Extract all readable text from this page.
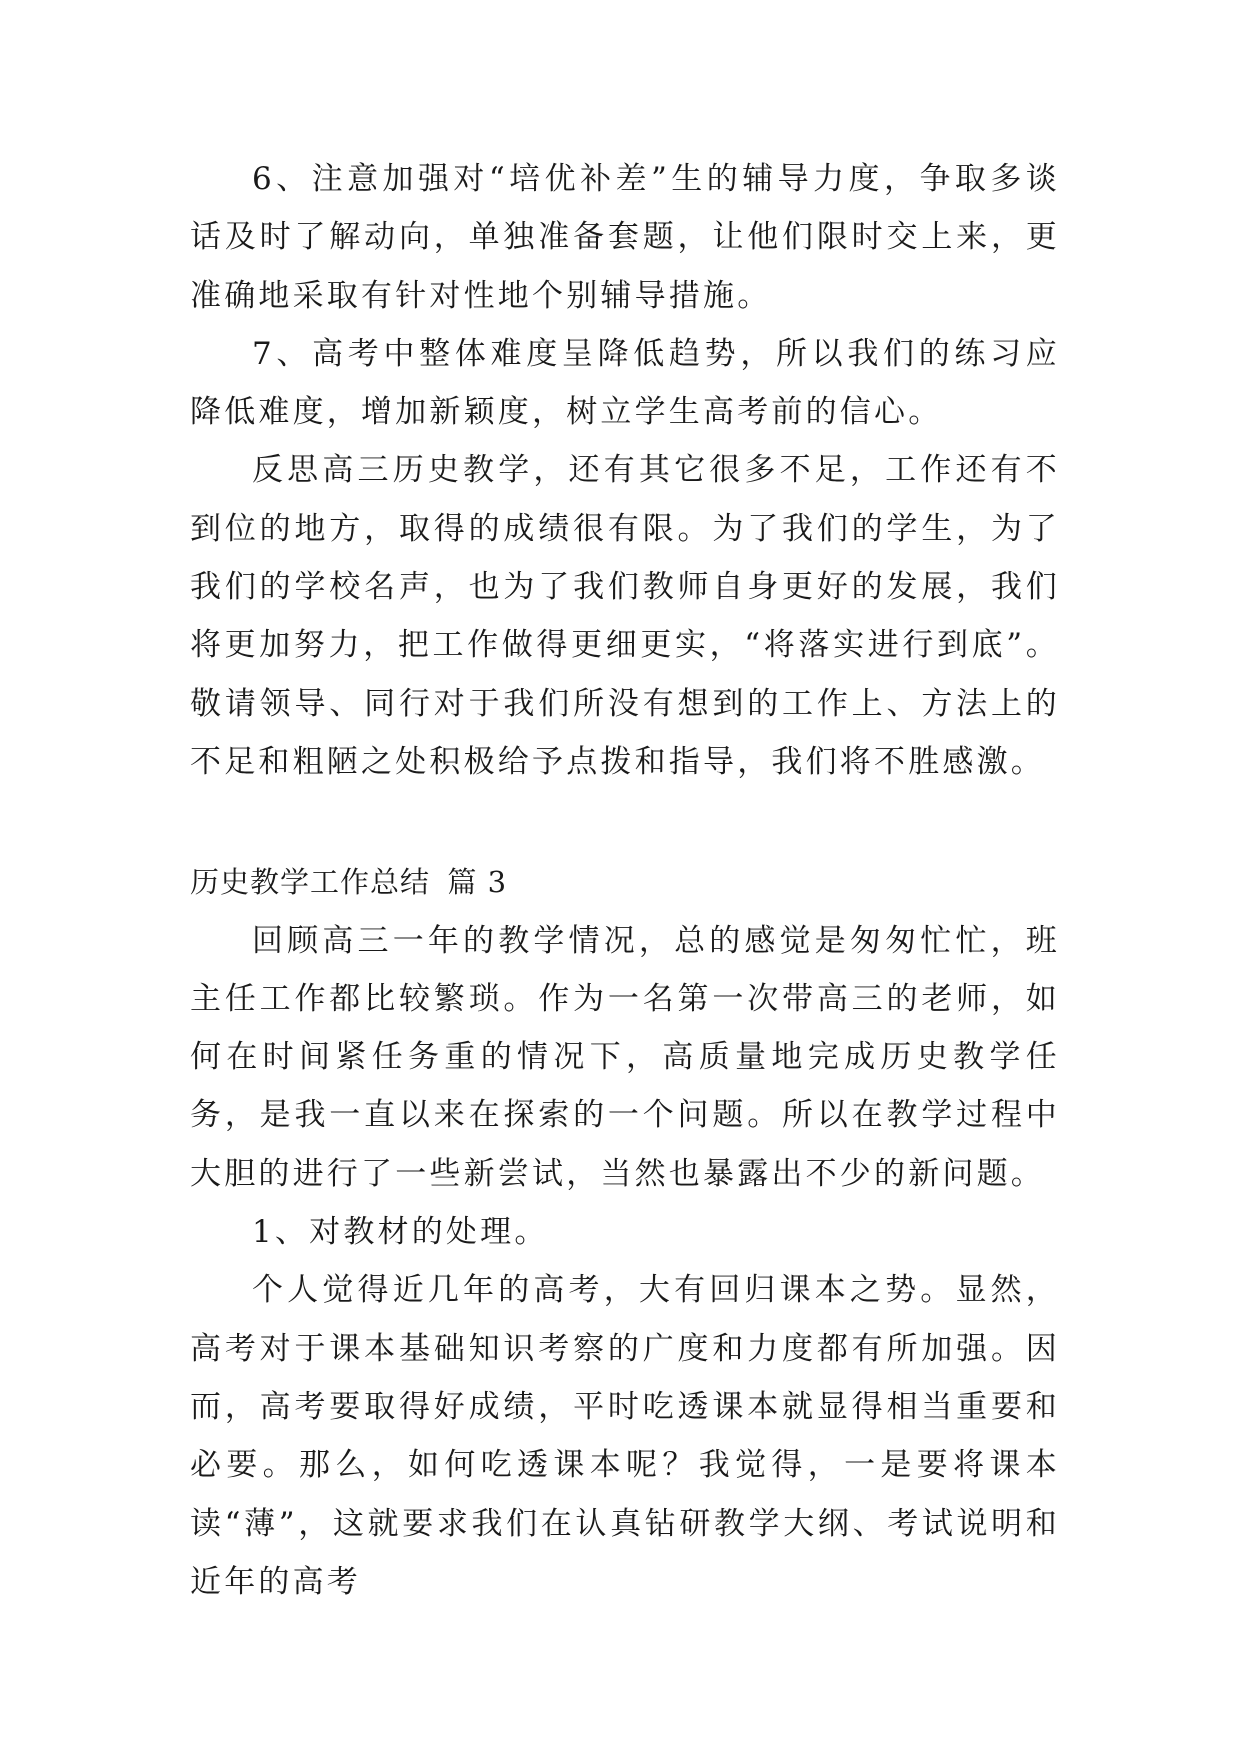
6、注意加强对“培优补差”生的辅导力度，争取多谈话及时了解动向，单独准备套题，让他们限时交上来，更准确地采取有针对性地个别辅导措施。

7、高考中整体难度呈降低趋势，所以我们的练习应降低难度，增加新颖度，树立学生高考前的信心。

反思高三历史教学，还有其它很多不足，工作还有不到位的地方，取得的成绩很有限。为了我们的学生，为了我们的学校名声，也为了我们教师自身更好的发展，我们将更加努力，把工作做得更细更实，“将落实进行到底”。敬请领导、同行对于我们所没有想到的工作上、方法上的不足和粗陋之处积极给予点拨和指导，我们将不胜感激。

历史教学工作总结 篇 3

回顾高三一年的教学情况，总的感觉是匆匆忙忙，班主任工作都比较繁琐。作为一名第一次带高三的老师，如何在时间紧任务重的情况下，高质量地完成历史教学任务，是我一直以来在探索的一个问题。所以在教学过程中大胆的进行了一些新尝试，当然也暴露出不少的新问题。

1、对教材的处理。

个人觉得近几年的高考，大有回归课本之势。显然，高考对于课本基础知识考察的广度和力度都有所加强。因而，高考要取得好成绩，平时吃透课本就显得相当重要和必要。那么，如何吃透课本呢？我觉得，一是要将课本读“薄”，这就要求我们在认真钻研教学大纲、考试说明和近年的高考
